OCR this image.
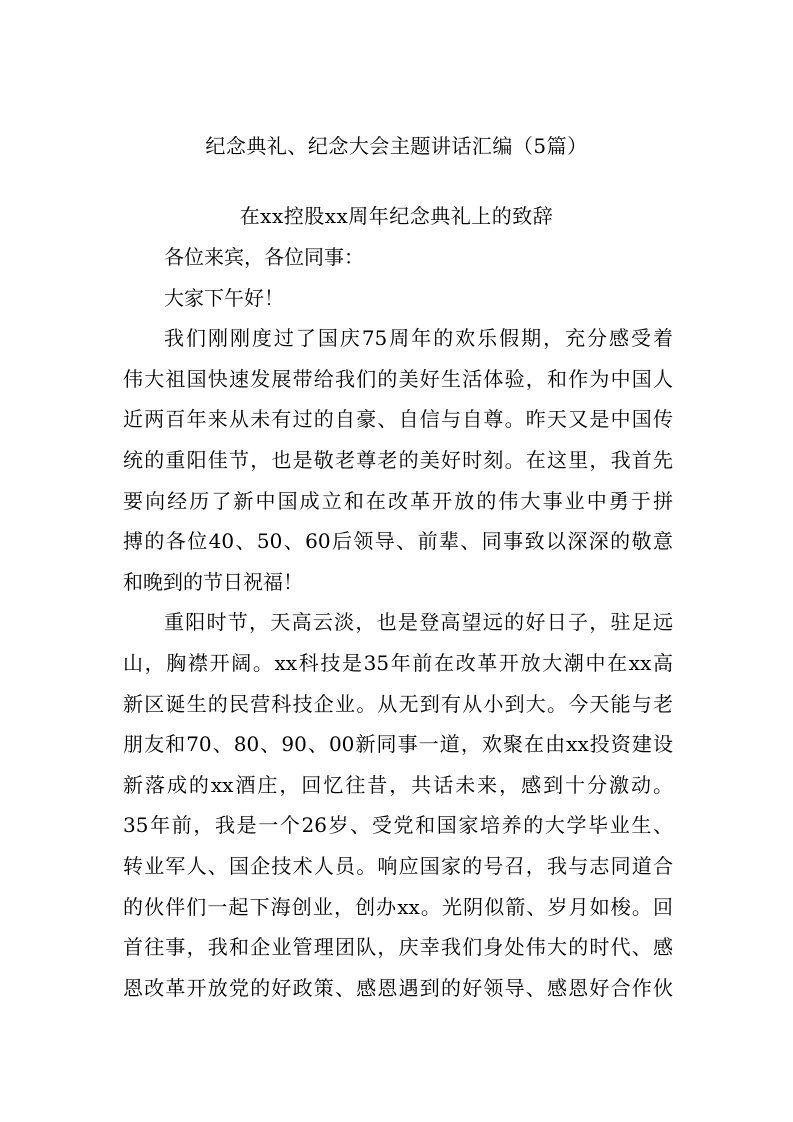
纪念典礼、纪念大会主题讲话汇编（5篇）
在xx控股xx周年纪念典礼上的致辞
各位来宾，各位同事：
大家下午好！
我们刚刚度过了国庆75周年的欢乐假期，充分感受着
伟大祖国快速发展带给我们的美好生活体验，和作为中国人
近两百年来从未有过的自豪、自信与自尊。昨天又是中国传
统的重阳佳节，也是敬老尊老的美好时刻。在这里，我首先
要向经历了新中国成立和在改革开放的伟大事业中勇于拼
搏的各位40、50、60后领导、前辈、同事致以深深的敬意
和晚到的节日祝福！
重阳时节，天高云淡，也是登高望远的好日子，驻足远
山，胸襟开阔。xx科技是35年前在改革开放大潮中在xx高
新区诞生的民营科技企业。从无到有从小到大。今天能与老
朋友和70、80、90、00新同事一道，欢聚在由xx投资建设
新落成的xx酒庄，回忆往昔，共话未来，感到十分激动。
35年前，我是一个26岁、受党和国家培养的大学毕业生、
转业军人、国企技术人员。响应国家的号召，我与志同道合
的伙伴们一起下海创业，创办xx。光阴似箭、岁月如梭。回
首往事，我和企业管理团队，庆幸我们身处伟大的时代、感
恩改革开放党的好政策、感恩遇到的好领导、感恩好合作伙
